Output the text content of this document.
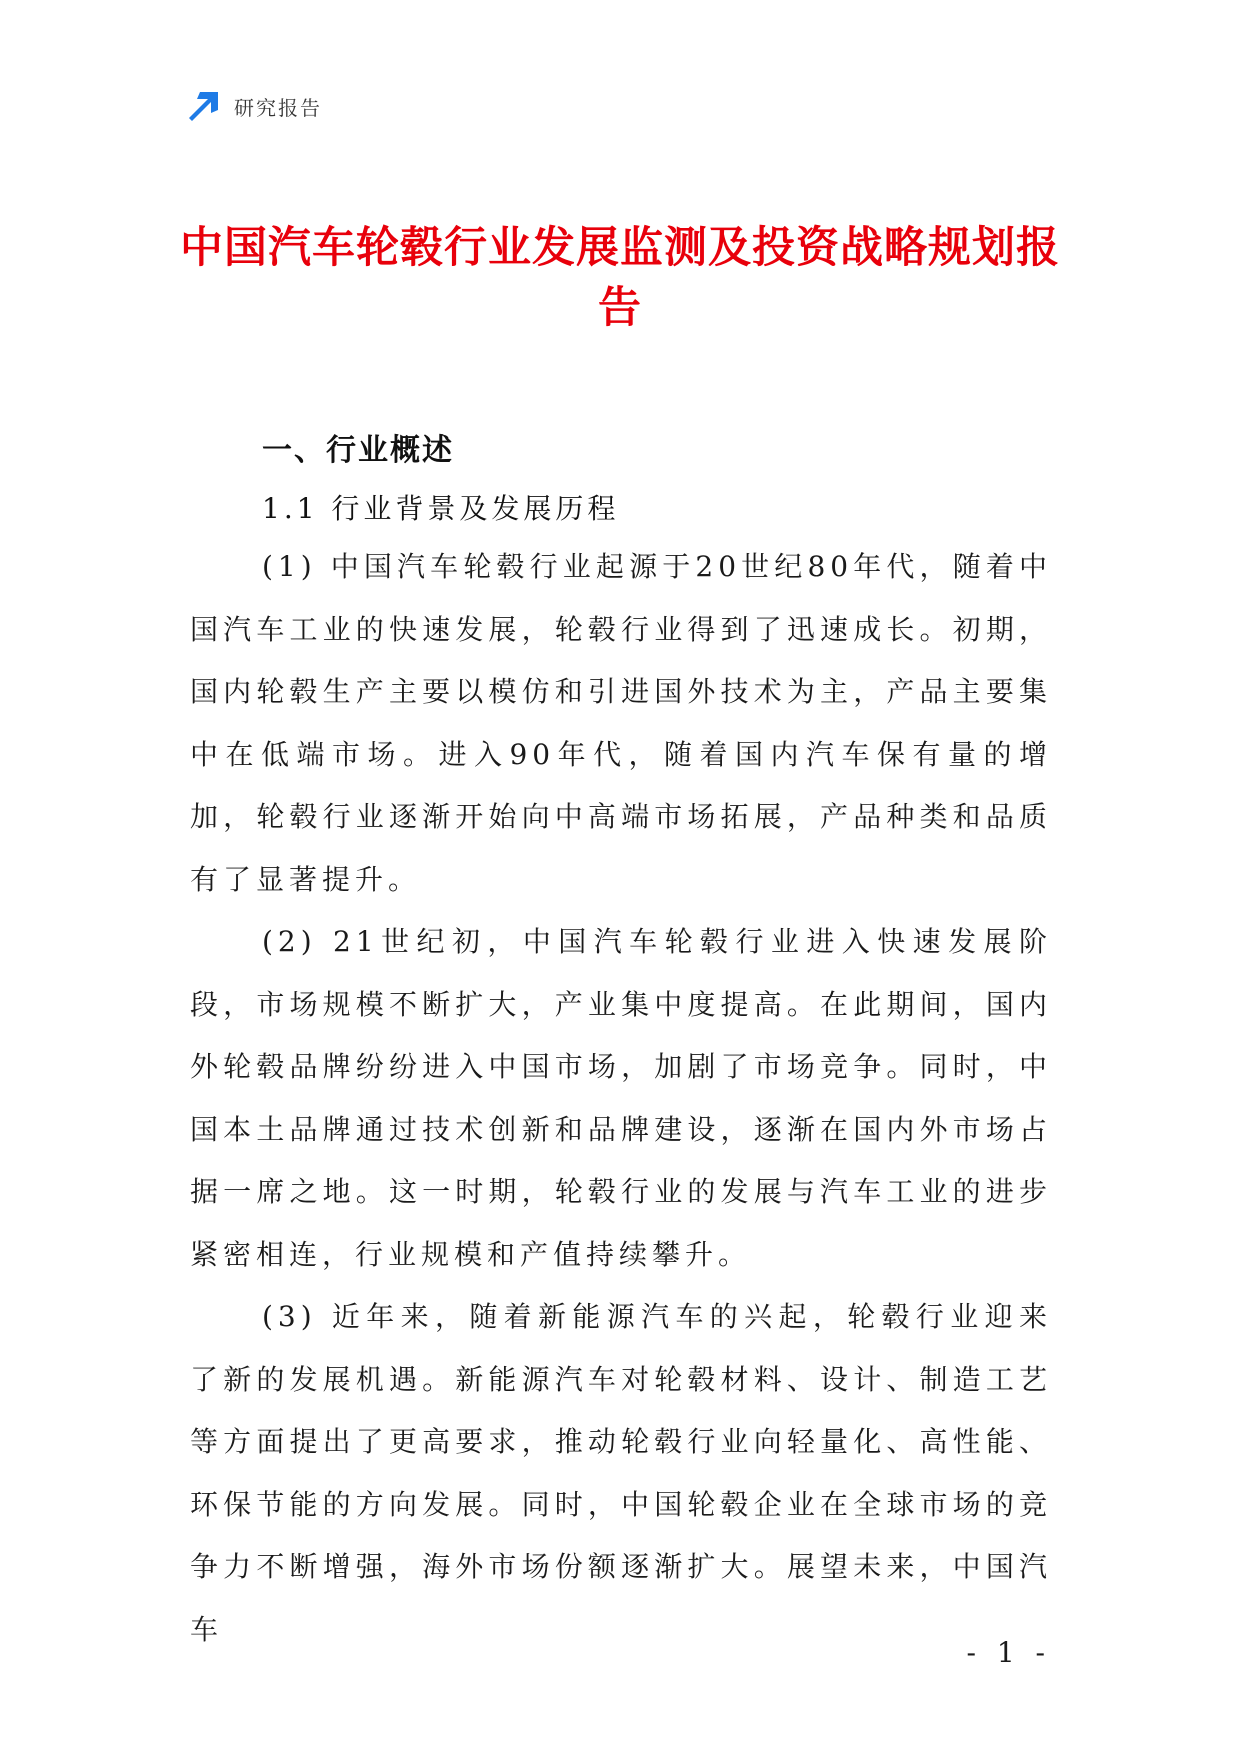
研究报告
中国汽车轮毂行业发展监测及投资战略规划报告
一、行业概述
1.1 行业背景及发展历程

(1) 中国汽车轮毂行业起源于20世纪80年代，随着中国汽车工业的快速发展，轮毂行业得到了迅速成长。初期，国内轮毂生产主要以模仿和引进国外技术为主，产品主要集中在低端市场。进入90年代，随着国内汽车保有量的增加，轮毂行业逐渐开始向中高端市场拓展，产品种类和品质有了显著提升。

(2) 21世纪初，中国汽车轮毂行业进入快速发展阶段，市场规模不断扩大，产业集中度提高。在此期间，国内外轮毂品牌纷纷进入中国市场，加剧了市场竞争。同时，中国本土品牌通过技术创新和品牌建设，逐渐在国内外市场占据一席之地。这一时期，轮毂行业的发展与汽车工业的进步紧密相连，行业规模和产值持续攀升。

(3) 近年来，随着新能源汽车的兴起，轮毂行业迎来了新的发展机遇。新能源汽车对轮毂材料、设计、制造工艺等方面提出了更高要求，推动轮毂行业向轻量化、高性能、环保节能的方向发展。同时，中国轮毂企业在全球市场的竞争力不断增强，海外市场份额逐渐扩大。展望未来，中国汽车

- 1 -
